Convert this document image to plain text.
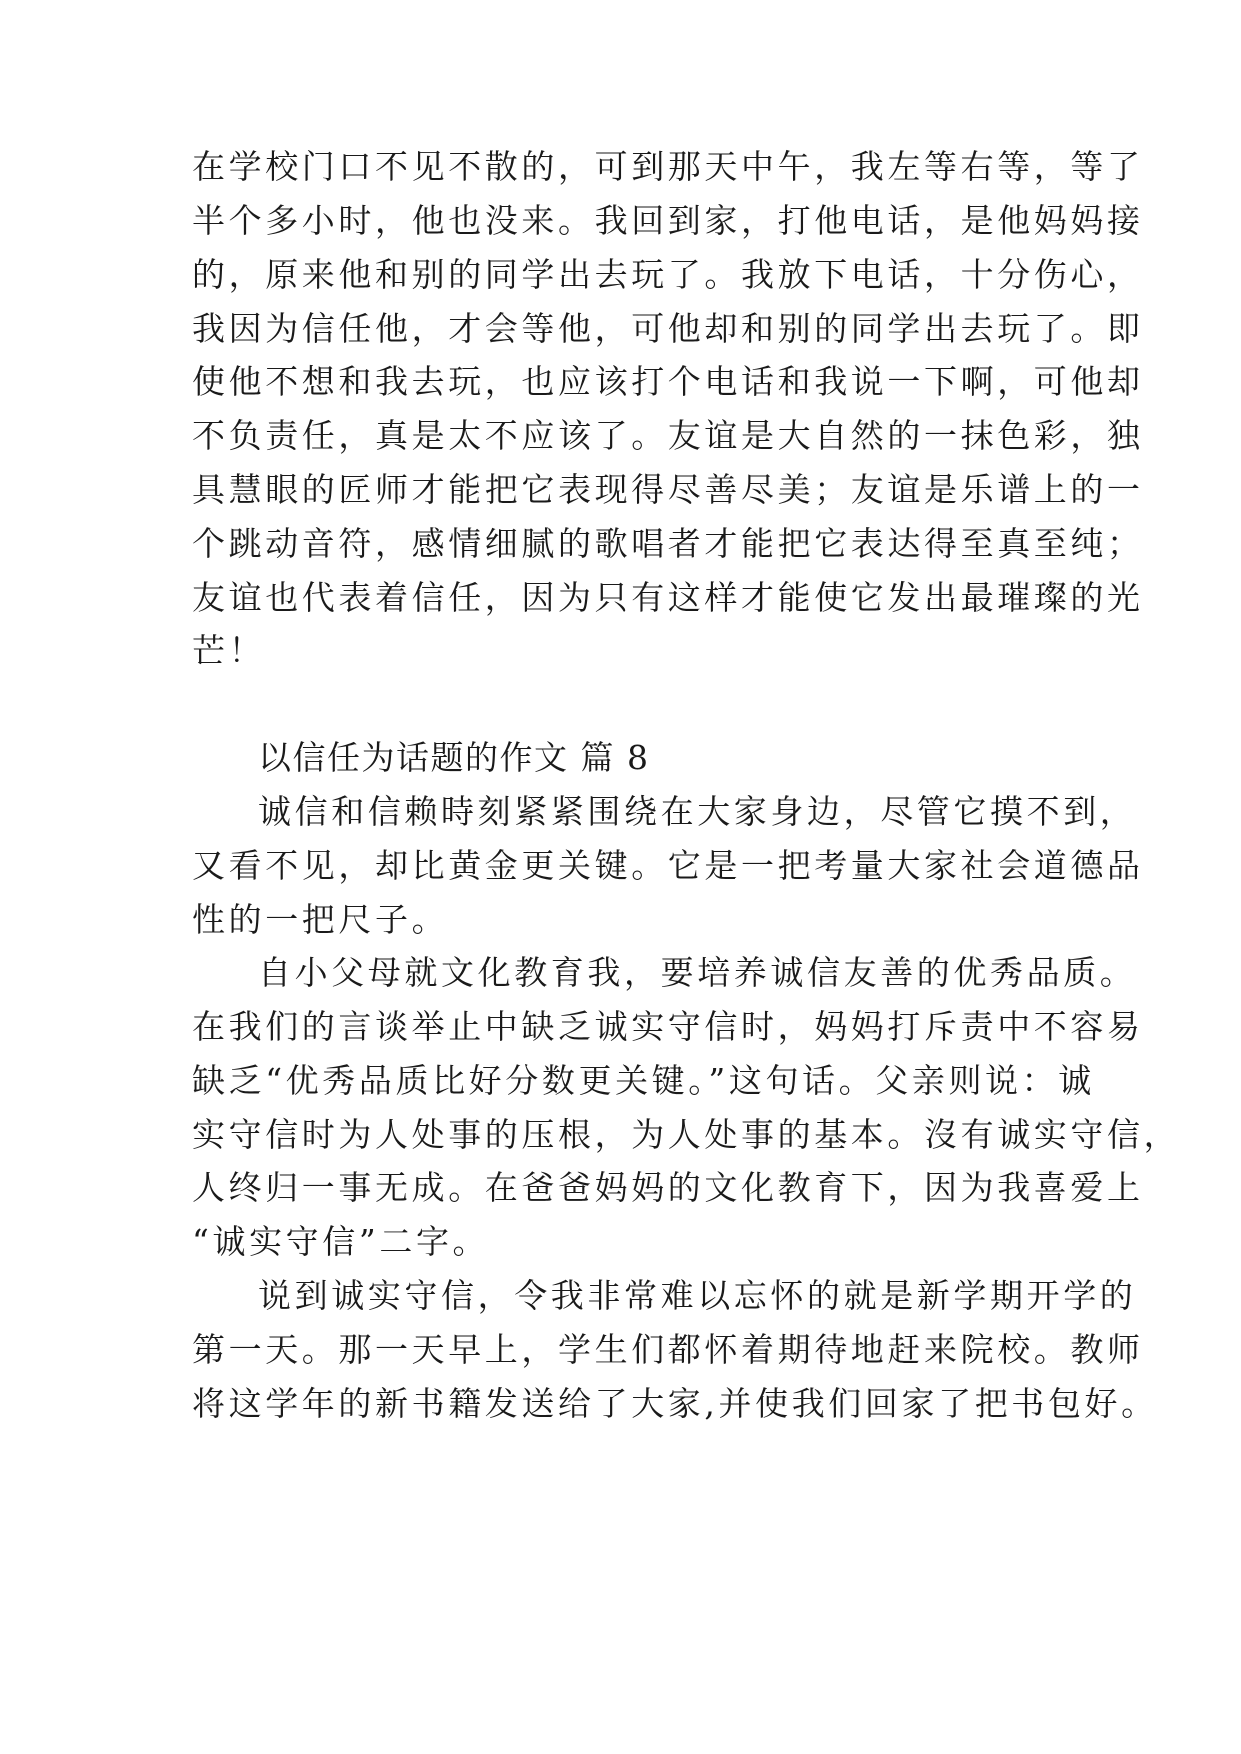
在学校门口不见不散的，可到那天中午，我左等右等，等了
半个多小时，他也没来。我回到家，打他电话，是他妈妈接
的，原来他和别的同学出去玩了。我放下电话，十分伤心，
我因为信任他，才会等他，可他却和别的同学出去玩了。即
使他不想和我去玩，也应该打个电话和我说一下啊，可他却
不负责任，真是太不应该了。友谊是大自然的一抹色彩，独
具慧眼的匠师才能把它表现得尽善尽美；友谊是乐谱上的一
个跳动音符，感情细腻的歌唱者才能把它表达得至真至纯；
友谊也代表着信任，因为只有这样才能使它发出最璀璨的光
芒！
以信任为话题的作文 篇 8
诚信和信赖時刻紧紧围绕在大家身边，尽管它摸不到，
又看不见，却比黄金更关键。它是一把考量大家社会道德品
性的一把尺子。
自小父母就文化教育我，要培养诚信友善的优秀品质。
在我们的言谈举止中缺乏诚实守信时，妈妈打斥责中不容易
缺乏“优秀品质比好分数更关键。”这句话。父亲则说：诚
实守信时为人处事的压根，为人处事的基本。沒有诚实守信，
人终归一事无成。在爸爸妈妈的文化教育下，因为我喜爱上
“诚实守信”二字。
说到诚实守信，令我非常难以忘怀的就是新学期开学的
第一天。那一天早上，学生们都怀着期待地赶来院校。教师
将这学年的新书籍发送给了大家,并使我们回家了把书包好。
